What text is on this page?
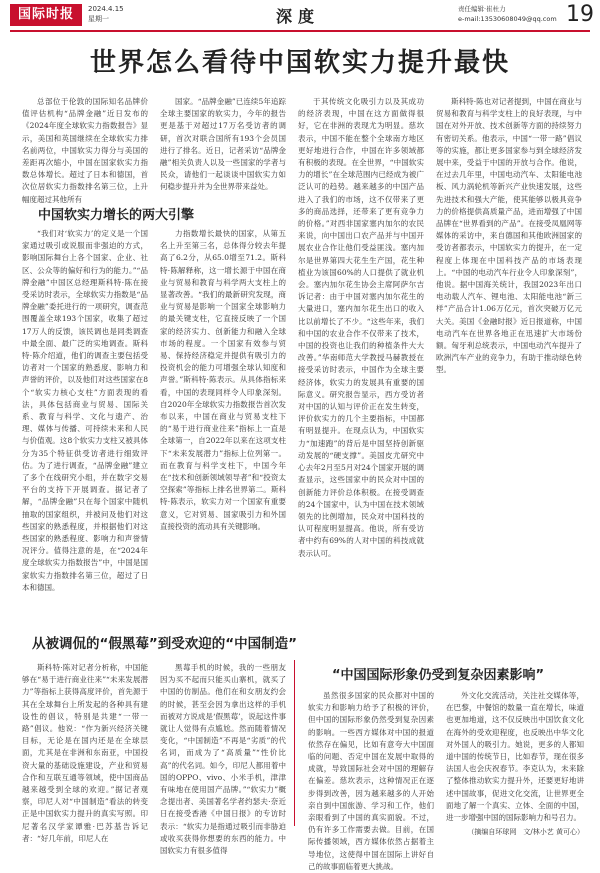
国际时报	2024.4.15
星期一	深度	责任编辑·崔杜力
e-mail:13530608049@qq.com 19
世界怎么看待中国软实力提升最快

总部位于伦敦的国际知名品牌价值评估机构“品牌金融”近日发布的《2024年度全球软实力指数报告》显示，美国和英国继续在全球软实力排名前两位，中国软实力得分与美国的差距再次缩小，中国在国家软实力指数总体增长。超过了日本和德国，首次位居软实力指数排名第三位，上升幅度超过其他所有

国家。“品牌金融”已连续5年追踪全球主要国家的软实力，今年的报告更是基于对超过17万名受访者的调研，首次对联合国所有193个会员国进行了排名。近日，记者采访“品牌金融”相关负责人以及一些国家的学者与民众，请他们一起谈谈中国软实力如何稳步提升并为全世界带来益处。

中国软实力增长的两大引擎

“我们对‘软实力’的定义是一个国家通过吸引或说服而非强迫的方式，影响国际舞台上各个国家、企业、社区、公众等的偏好和行为的能力。”“品牌金融”中国区总经理斯科特·陈在接受采访时表示，全球软实力指数是“品牌金融”委托进行的一项研究，调查范围覆盖全球193个国家，收集了超过17万人的反馈，该民调也是同类调查中最全面、最广泛的实地调查。斯科特·陈介绍道，他们的调查主要包括受访者对一个国家的熟悉度、影响力和声誉的评价，以及他们对这些国家在8个“软实力核心支柱”方面表现的看法，具体包括商业与贸易、国际关系、教育与科学、文化与遗产、治理、媒体与传播、可持续未来和人民与价值观。这8个软实力支柱又被具体分为35个特征供受访者进行细致评估。为了进行调查，“品牌金融”建立了多个在线研究小组，并在数字交易平台的支持下开展调查。据记者了解，“品牌金融”只在每个国家中随机抽取的国家组织，并被问及他们对这些国家的熟悉程度，并根据他们对这些国家的熟悉程度、影响力和声誉情况评分。值得注意的是，在“2024年度全球软实力指数报告”中，中国是国家软实力指数排名第三位，超过了日本和德国。

力指数增长最快的国家，从第五名上升至第三名，总体得分较去年提高了6.2分，从65.0增至71.2。斯科特·陈解释称，这一增长源于中国在商业与贸易和教育与科学两大支柱上的显著改善。“我们的最新研究发现，商业与贸易是影响一个国家全球影响力的最关键支柱，它直接反映了一个国家的经济实力、创新能力和融入全球市场的程度。一个国家有效参与贸易、保持经济稳定并提供有吸引力的投资机会的能力可增强全球认知度和声誉。”斯科特·陈表示。从具体指标来看，中国的表现同样令人印象深刻。自2020年全球软实力指数报告首次发布以来，中国在商业与贸易支柱下的“易于进行商业往来”指标上一直是全球第一，自2022年以来在这项支柱下“未来发展潜力”指标上位列第一。而在教育与科学支柱下，中国今年在“技术和创新领域领导者”和“投资太空探索”等指标上排名世界第二。斯科特·陈表示，软实力对一个国家有重要意义，它对贸易、国家吸引力和外国直接投资的流动具有关键影响。

于其传统文化吸引力以及其成功的经济表现，中国在这方面做得很好，它在非洲的表现尤为明显。慈坎表示，中国不能在整个全球南方地区更好地进行合作，中国在许多领域都有积极的表现。在全世界，“中国软实力的增长”在全球范围内已经成为被广泛认可的趋势。越来越多的中国产品进入了我们的市场，这不仅带来了更多的商品选择，还带来了更有竞争力的价格。”对西非国家塞内加尔的农民来说，向中国出口农产品并与中国开展农业合作让他们受益匪浅。塞内加尔是世界第四大花生生产国，花生种植业为该国60%的人口提供了就业机会。塞内加尔花生协会主席阿萨尔吉诉记者：由于中国对塞内加尔花生的大量进口，塞内加尔花生出口的收入比以前增长了不少。“这些年来，我们和中国的农业合作不仅带来了技术，中国的投资也让我们的种植条件大大改善。”华南师范大学教授马赫教授在接受采访时表示，中国作为全球主要经济体，软实力的发展具有重要的国际意义。研究报告显示，西方受访者对中国的认知与评价正在发生转变，评价软实力的几个主要指标，中国都有明显提升。在现点认为，中国软实力“加速跑”的背后是中国坚持创新驱动发展的“硬支撑”。美国皮尤研究中心去年2月至5月对24个国家开展的调查显示，这些国家中的民众对中国的创新能力评价总体积极。在接受调查的24个国家中，认为中国在技术领域领先的比例增加，民众对中国科技的认可程度明显提高。他说，所有受访者中约有69%的人对中国的科技成就表示认可。

斯科特·陈也对记者提到，中国在商业与贸易和教育与科学支柱上的良好表现，与中国在对外开放、技术创新等方面的持续努力有密切关系。他表示，中国“一带一路”倡议等的实施，都让更多国家参与到全球经济发展中来，受益于中国的开放与合作。他说，在过去几年里，中国电动汽车、太阳能电池板、风力涡轮机等新兴产业快速发展，这些先进技术和强大产能，使其能够以极具竞争力的价格提供高质量产品，进而增强了中国品牌在“世界看到的产品”。在接受凤凰网等媒体的采访中，来自德国和其他欧洲国家的受访者都表示，中国软实力的提升，在一定程度上体现在中国科技产品的市场表现上。“中国的电动汽车行业令人印象深刻”，他说。据中国海关统计，我国2023年出口电动载人汽车、锂电池、太阳能电池“新三样”产品合计1.06万亿元，首次突破万亿元大关。美国《金融时报》近日报道称，中国电动汽车在世界各地正在迅速扩大市场份额。匈牙利总统表示，中国电动汽车提升了欧洲汽车产业的竞争力，有助于推动绿色转型。

从被调侃的“假黑莓”到受欢迎的“中国制造”

斯科特·陈对记者分析称，中国能够在“易于进行商业往来”“未来发展潜力”等指标上获得高度评价，首先源于其在全球舞台上所发起的各种具有建设性的倡议，特别是共建“一带一路”倡议。他说：“作为新兴经济关键目标，无论是在国内还是在全球层面，尤其是在非洲和东南亚，中国投资大量的基础设施建设，产业和贸易合作和互联互通等领域，使中国商品越来越受到全球的欢迎。”据记者观察，印尼人对“中国制造”看法的转变正是中国软实力提升的真实写照。印尼著名汉学家谭雅·巴苏基告诉记者：“好几年前，印尼人在

黑莓手机的时候，我的一些朋友因为买不起而只能买山寨机，就买了中国的仿制品。他们在和女朋友约会的时候，甚至会因为拿出这样的手机而被对方说成是‘假黑莓’，说起这件事就让人觉得有点尴尬。然而随着情况变化，“中国制造”不再是“劣质”的代名词，而成为了“高质量”“性价比高”的代名词。如今，印尼人都用着中国的OPPO、vivo、小米手机，津津有味地在使用国产品牌。”“软实力”概念提出者、美国著名学者约瑟夫·奈近日在接受香港《中国日报》的专访时表示：“软实力是指通过吸引而非胁迫或收买获得你想要的东西的能力。中国软实力有很多值得

“中国国际形象仍受到复杂因素影响”

虽然很多国家的民众都对中国的软实力和影响力给予了积极的评价，但中国的国际形象仍然受到复杂因素的影响。一些西方媒体对中国的报道依然存在偏见，比如有意夸大中国面临的问题、否定中国在发展中取得的成就，导致国际社会对中国的理解存在偏差。慈坎表示，这种情况正在逐步得到改善，因为越来越多的人开始亲自到中国旅游、学习和工作，他们亲眼看到了中国的真实面貌。不过，仍有许多工作需要去做。目前，在国际传播领域，西方媒体依然占据着主导地位，这使得中国在国际上讲好自己的故事面临着更大挑战。

外文化交流活动，关注社交媒体等，在巴黎，中餐馆的数量一直在增长，味道也更加地道，这不仅反映出中国饮食文化在海外的受欢迎程度，也反映出中华文化对外国人的吸引力。她说，更多的人都知道中国的传统节日，比如春节，现在很多法国人也会庆祝春节。李克认为，未来除了整体推动软实力提升外，还要更好地讲述中国故事，促进文化交流，让世界更全面地了解一个真实、立体、全面的中国，进一步增强中国的国际影响力和号召力。

（摘编自环球网　文/林小艺 黄可心）
